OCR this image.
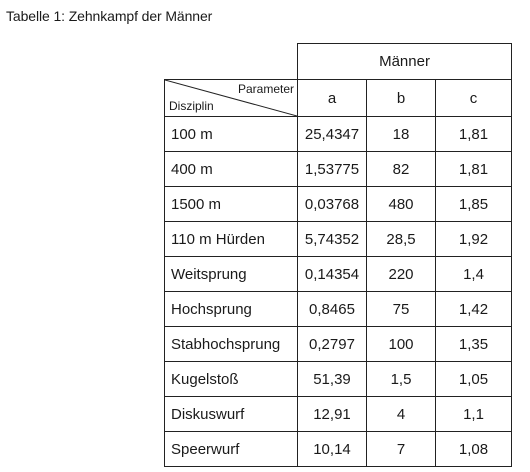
Tabelle 1: Zehnkampf der Männer
	Männer		

Parameter
Disziplin	a	b	c
100 m	25,4347	18	1,81
400 m	1,53775	82	1,81
1500 m	0,03768	480	1,85
110 m Hürden	5,74352	28,5	1,92
Weitsprung	0,14354	220	1,4
Hochsprung	0,8465	75	1,42
Stabhochsprung	0,2797	100	1,35
Kugelstoß	51,39	1,5	1,05
Diskuswurf	12,91	4	1,1
Speerwurf	10,14	7	1,08
